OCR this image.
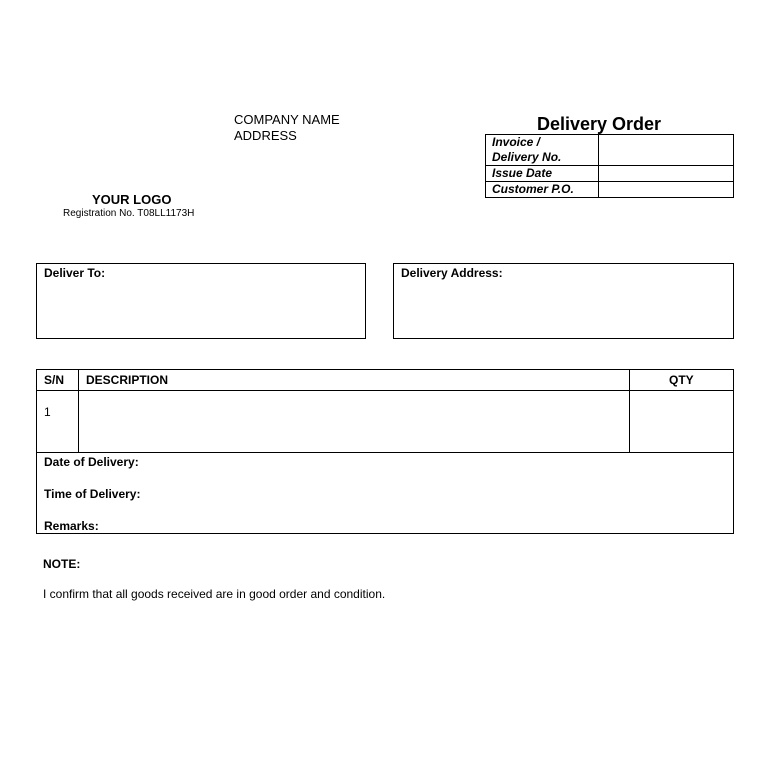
COMPANY NAME
ADDRESS
YOUR LOGO
Registration No. T08LL1173H
Delivery Order
Invoice /
Delivery No.	
Issue Date	
Customer P.O.	
Deliver To:	Delivery Address:
S/N DESCRIPTION	QTY
1
Date of Delivery:
Time of Delivery:
Remarks:
NOTE:
I confirm that all goods received are in good order and condition.
